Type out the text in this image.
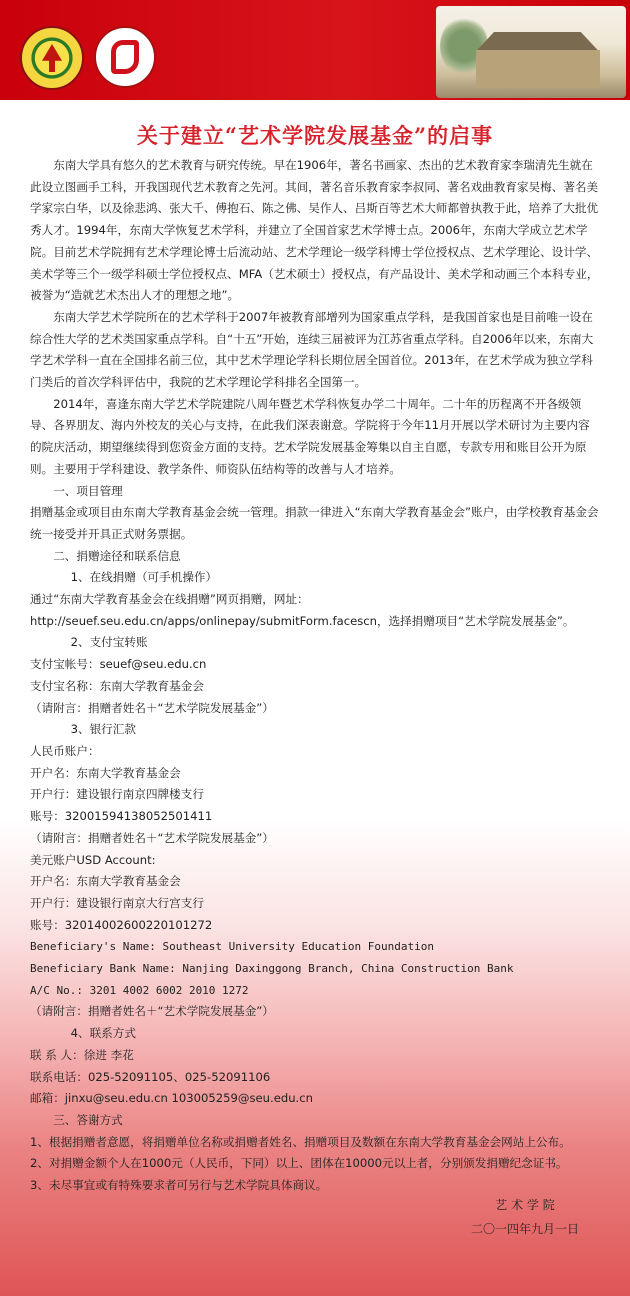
关于建立“艺术学院发展基金”的启事

东南大学具有悠久的艺术教育与研究传统。早在1906年，著名书画家、杰出的艺术教育家李瑞清先生就在此设立图画手工科，开我国现代艺术教育之先河。其间，著名音乐教育家李叔同、著名戏曲教育家吴梅、著名美学家宗白华，以及徐悲鸿、张大千、傅抱石、陈之佛、吴作人、吕斯百等艺术大师都曾执教于此，培养了大批优秀人才。1994年，东南大学恢复艺术学科，并建立了全国首家艺术学博士点。2006年，东南大学成立艺术学院。目前艺术学院拥有艺术学理论博士后流动站、艺术学理论一级学科博士学位授权点、艺术学理论、设计学、美术学等三个一级学科硕士学位授权点、MFA（艺术硕士）授权点，有产品设计、美术学和动画三个本科专业，被誉为“造就艺术杰出人才的理想之地”。

东南大学艺术学院所在的艺术学科于2007年被教育部增列为国家重点学科，是我国首家也是目前唯一设在综合性大学的艺术类国家重点学科。自“十五”开始，连续三届被评为江苏省重点学科。自2006年以来，东南大学艺术学科一直在全国排名前三位，其中艺术学理论学科长期位居全国首位。2013年，在艺术学成为独立学科门类后的首次学科评估中，我院的艺术学理论学科排名全国第一。

2014年，喜逢东南大学艺术学院建院八周年暨艺术学科恢复办学二十周年。二十年的历程离不开各级领导、各界朋友、海内外校友的关心与支持，在此我们深表谢意。学院将于今年11月开展以学术研讨为主要内容的院庆活动，期望继续得到您资金方面的支持。艺术学院发展基金筹集以自主自愿，专款专用和账目公开为原则。主要用于学科建设、教学条件、师资队伍结构等的改善与人才培养。

一、项目管理

捐赠基金或项目由东南大学教育基金会统一管理。捐款一律进入“东南大学教育基金会”账户，由学校教育基金会统一接受并开具正式财务票据。

二、捐赠途径和联系信息

1、在线捐赠（可手机操作）

通过“东南大学教育基金会在线捐赠”网页捐赠，网址：http://seuef.seu.edu.cn/apps/onlinepay/submitForm.facescn，选择捐赠项目“艺术学院发展基金”。

2、支付宝转账

支付宝帐号：seuef@seu.edu.cn

支付宝名称：东南大学教育基金会

（请附言：捐赠者姓名＋“艺术学院发展基金”）

3、银行汇款

人民币账户：

开户名：东南大学教育基金会

开户行：建设银行南京四牌楼支行

账号：32001594138052501411

（请附言：捐赠者姓名＋“艺术学院发展基金”）

美元账户USD Account:

开户名：东南大学教育基金会

开户行：建设银行南京大行宫支行

账号：32014002600220101272

Beneficiary's Name: Southeast University Education Foundation

Beneficiary Bank Name: Nanjing Daxinggong Branch, China Construction Bank

A/C No.: 3201 4002 6002 2010 1272

（请附言：捐赠者姓名＋“艺术学院发展基金”）

4、联系方式

联 系 人：徐进 李花

联系电话：025-52091105、025-52091106

邮箱：jinxu@seu.edu.cn 103005259@seu.edu.cn

三、答谢方式

1、根据捐赠者意愿，将捐赠单位名称或捐赠者姓名、捐赠项目及数额在东南大学教育基金会网站上公布。

2、对捐赠金额个人在1000元（人民币，下同）以上、团体在10000元以上者，分别颁发捐赠纪念证书。

3、未尽事宜或有特殊要求者可另行与艺术学院具体商议。

艺 术 学 院
二〇一四年九月一日
